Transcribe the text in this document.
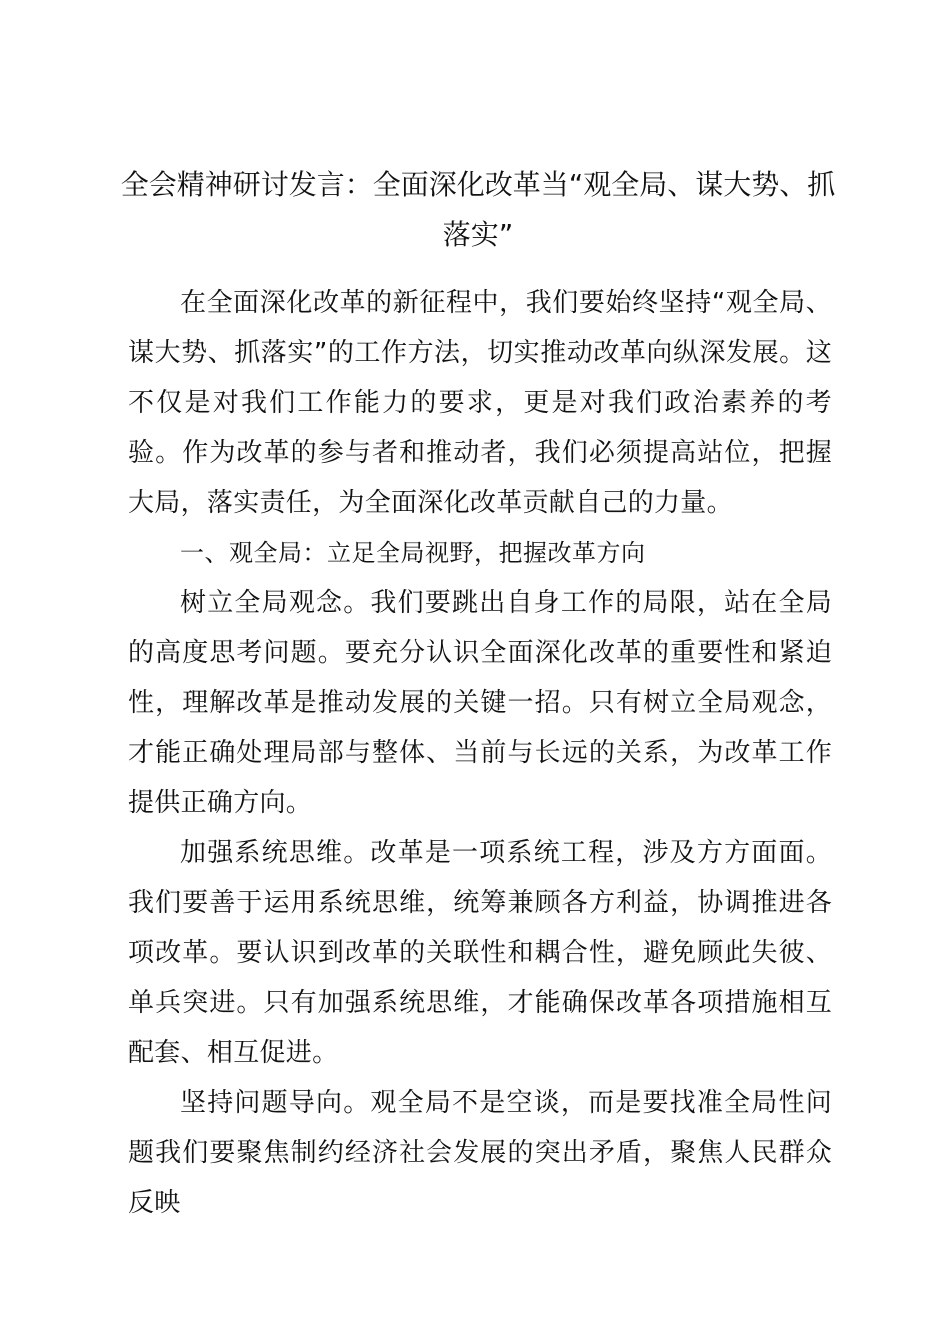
全会精神研讨发言：全面深化改革当“观全局、谋大势、抓落实”

在全面深化改革的新征程中，我们要始终坚持“观全局、谋大势、抓落实”的工作方法，切实推动改革向纵深发展。这不仅是对我们工作能力的要求，更是对我们政治素养的考验。作为改革的参与者和推动者，我们必须提高站位，把握大局，落实责任，为全面深化改革贡献自己的力量。

一、观全局：立足全局视野，把握改革方向

树立全局观念。我们要跳出自身工作的局限，站在全局的高度思考问题。要充分认识全面深化改革的重要性和紧迫性，理解改革是推动发展的关键一招。只有树立全局观念，才能正确处理局部与整体、当前与长远的关系，为改革工作提供正确方向。

加强系统思维。改革是一项系统工程，涉及方方面面。我们要善于运用系统思维，统筹兼顾各方利益，协调推进各项改革。要认识到改革的关联性和耦合性，避免顾此失彼、单兵突进。只有加强系统思维，才能确保改革各项措施相互配套、相互促进。

坚持问题导向。观全局不是空谈，而是要找准全局性问题我们要聚焦制约经济社会发展的突出矛盾，聚焦人民群众反映
